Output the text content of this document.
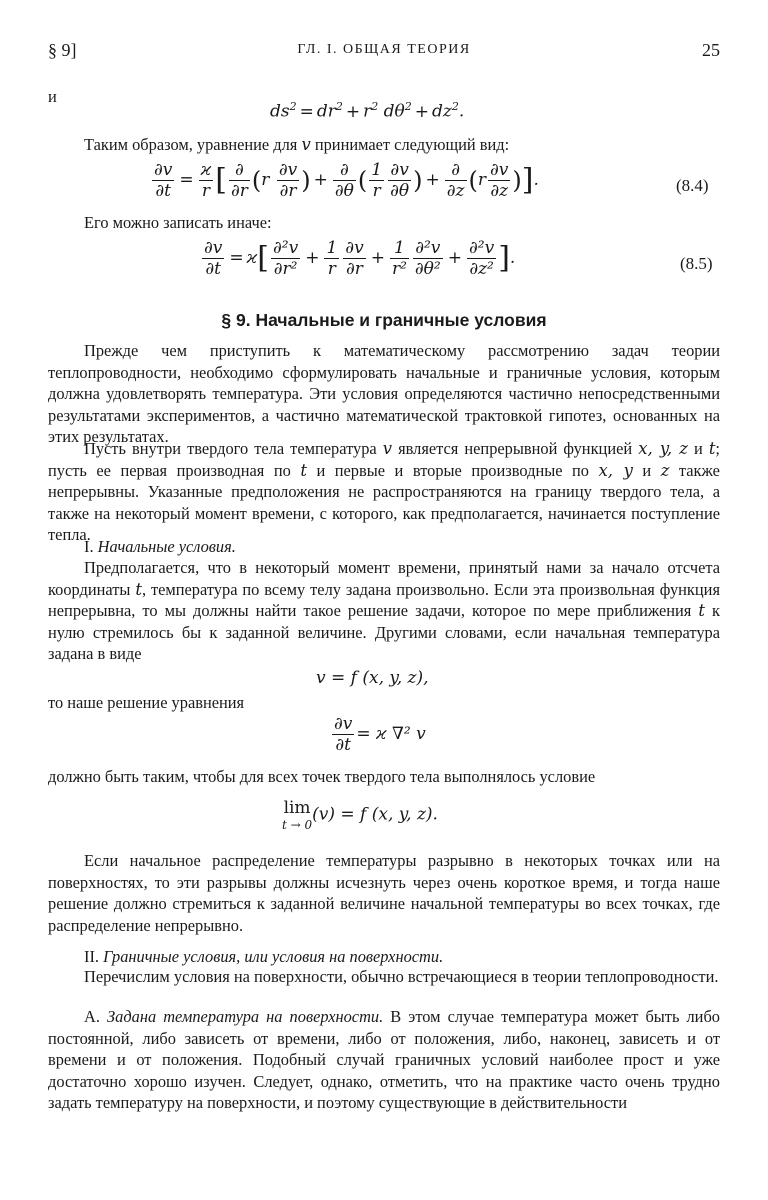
§ 9]	ГЛ. I. ОБЩАЯ ТЕОРИЯ	25
и
$ds^2 = dr^2 + r^2$ $d\theta^2 + dz^2$.
Таким образом, уравнение для v принимает следующий вид:
$\frac{\partial v}{\partial t} = \frac{ϰ}{r}$ [ $\frac{\partial}{\partial r} (r \frac{\partial v}{\partial r}$ ) + $\frac{\partial}{\partial\theta}$ ( $\frac{1}{r} \frac{\partial v}{\partial\theta}$ ) + $\frac{\partial}{\partial z} (r \frac{\partial v}{\partial z}$ )].	(8.4)
Его можно записать иначе:
$\frac{\partial v}{\partial t} = ϰ[ \frac{\text{∂²v}}{\text{∂r²}} + \frac{1}{r} \frac{\partial v}{\partial r} + \frac{1}{\text{r²}} \frac{\text{∂²v}}{\text{∂θ²}} + \frac{\text{∂²v}}{\text{∂z²}}$ ].	(8.5)
§ 9. Начальные и граничные условия
Прежде чем приступить к математическому рассмотрению задач теории теплопроводности, необходимо сформулировать начальные и граничные условия, которым должна удовлетворять температура. Эти условия определяются частично непосредственными результатами экспериментов, а частично математической трактовкой гипотез, основанных на этих результатах.
Пусть внутри твердого тела температура v является непрерывной функцией x, y, z и t; пусть ее первая производная по t и первые и вторые производные по x, y и z также непрерывны. Указанные предположения не распространяются на границу твердого тела, а также на некоторый момент времени, с которого, как предполагается, начинается поступление тепла.
I. Начальные условия.
Предполагается, что в некоторый момент времени, принятый нами за начало отсчета координаты t, температура по всему телу задана произвольно. Если эта произвольная функция непрерывна, то мы должны найти такое решение задачи, которое по мере приближения t к нулю стремилось бы к заданной величине. Другими словами, если начальная температура задана в виде
v = f (x, y, z),
то наше решение уравнения
$\frac{\partial v}{\partial t} = ϰ$ ∇² v
должно быть таким, чтобы для всех точек твердого тела выполнялось условие
lim
t → 0
(v) = f (x, y, z).
Если начальное распределение температуры разрывно в некоторых точках или на поверхностях, то эти разрывы должны исчезнуть через очень короткое время, и тогда наше решение должно стремиться к заданной величине начальной температуры во всех точках, где распределение непрерывно.
II. Граничные условия, или условия на поверхности.
Перечислим условия на поверхности, обычно встречающиеся в теории теплопроводности.
А. Задана температура на поверхности. В этом случае температура может быть либо постоянной, либо зависеть от времени, либо от положения, либо, наконец, зависеть и от времени и от положения. Подобный случай граничных условий наиболее прост и уже достаточно хорошо изучен. Следует, однако, отметить, что на практике часто очень трудно задать температуру на поверхности, и поэтому существующие в действительности
